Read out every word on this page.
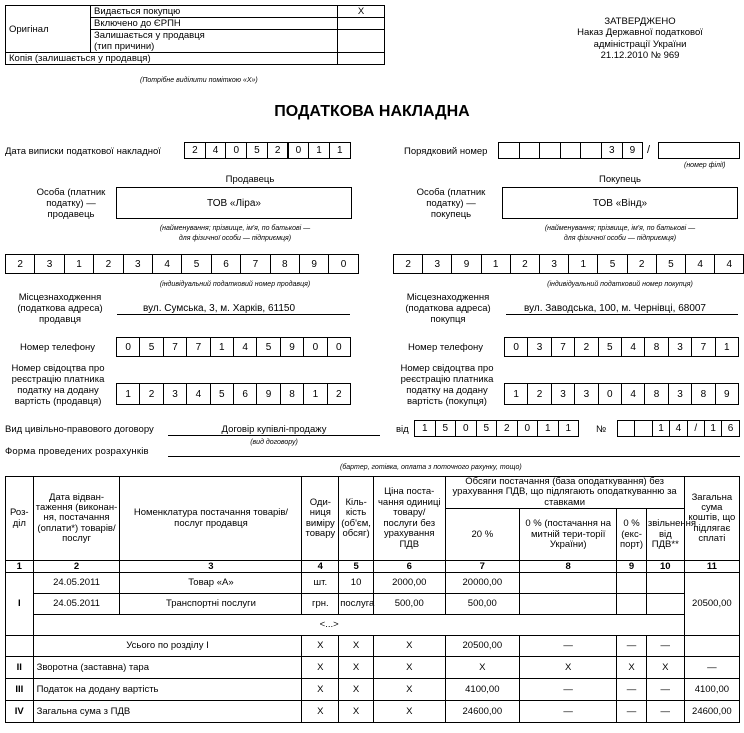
Оригінал	Видається покупцю	X
	Включено до ЄРПН	
	Залишається у продавця	
	(тип причини)	
Копія (залишається у продавця)		
(Потрібне виділити поміткою «Х»)
ЗАТВЕРДЖЕНО
Наказ Державної податкової
адміністрації України
21.12.2010 № 969
ПОДАТКОВА НАКЛАДНА
Дата виписки податкової накладної	2	4	0	5	2	0	1	1	Порядковий номер	3	9	/
(номер філії)
Продавець
Особа (платник податку) — продавець
ТОВ «Ліра»
(найменування; прізвище, ім'я, по батькові —
для фізичної особи — підприємця)
2	3	1	2	3	4	5	6	7	8	9	0
(індивідуальний податковий номер продавця)
Місцезнаходження (податкова адреса) продавця
вул. Сумська, 3, м. Харків, 61150
Номер телефону	0	5	7	7	1	4	5	9	0	0
Номер свідоцтва про реєстрацію платника податку на додану вартість (продавця)
1	2	3	4	5	6	9	8	1	2
Покупець
Особа (платник податку) — покупець
ТОВ «Вінд»
(найменування; прізвище, ім'я, по батькові —
для фізичної особи — підприємця)
2	3	9	1	2	3	1	5	2	5	4	4
(індивідуальний податковий номер покупця)
Місцезнаходження (податкова адреса) покупця
вул. Заводська, 100, м. Чернівці, 68007
Номер телефону	0	3	7	2	5	4	8	3	7	1
Номер свідоцтва про реєстрацію платника податку на додану вартість (покупця)
1	2	3	3	0	4	8	3	8	9
Вид цивільно-правового договору	Договір купівлі-продажу
(вид договору)
від	1	5	0	5	2	0	1	1	№	1	4	/	1	6
Форма проведених розрахунків
(бартер, готівка, оплата з поточного рахунку, тощо)
Роз-діл	Дата відван-таження (виконан-ня, постачання (оплати*) товарів/ послуг	Номенклатура постачання товарів/ послуг продавця	Оди-ниця виміру товару	Кіль-кість (об'єм, обсяг)	Ціна поста-чання одиниці товару/ послуги без урахування ПДВ	Обсяги постачання (база оподаткування) без урахування ПДВ, що підлягають оподаткуванню за ставками				Загальна сума коштів, що підлягає сплаті
						20 %	0 % (постачання на митній тери-торії України)	0 % (екс-порт)	звільнення від ПДВ**	
1	2	3	4	5	6	7	8	9	10	11
I	24.05.2011	Товар «А»	шт.	10	2000,00	20000,00				20500,00
	24.05.2011	Транспортні послуги	грн.	послуга	500,00	500,00				
	<...>									
	Усього по розділу I		X	X	X	20500,00	—	—	—	
II	Зворотна (заставна) тара		X	X	X	X	X	X	X	—
III	Податок на додану вартість		X	X	X	4100,00	—	—	—	4100,00
IV	Загальна сума з ПДВ		X	X	X	24600,00	—	—	—	24600,00
